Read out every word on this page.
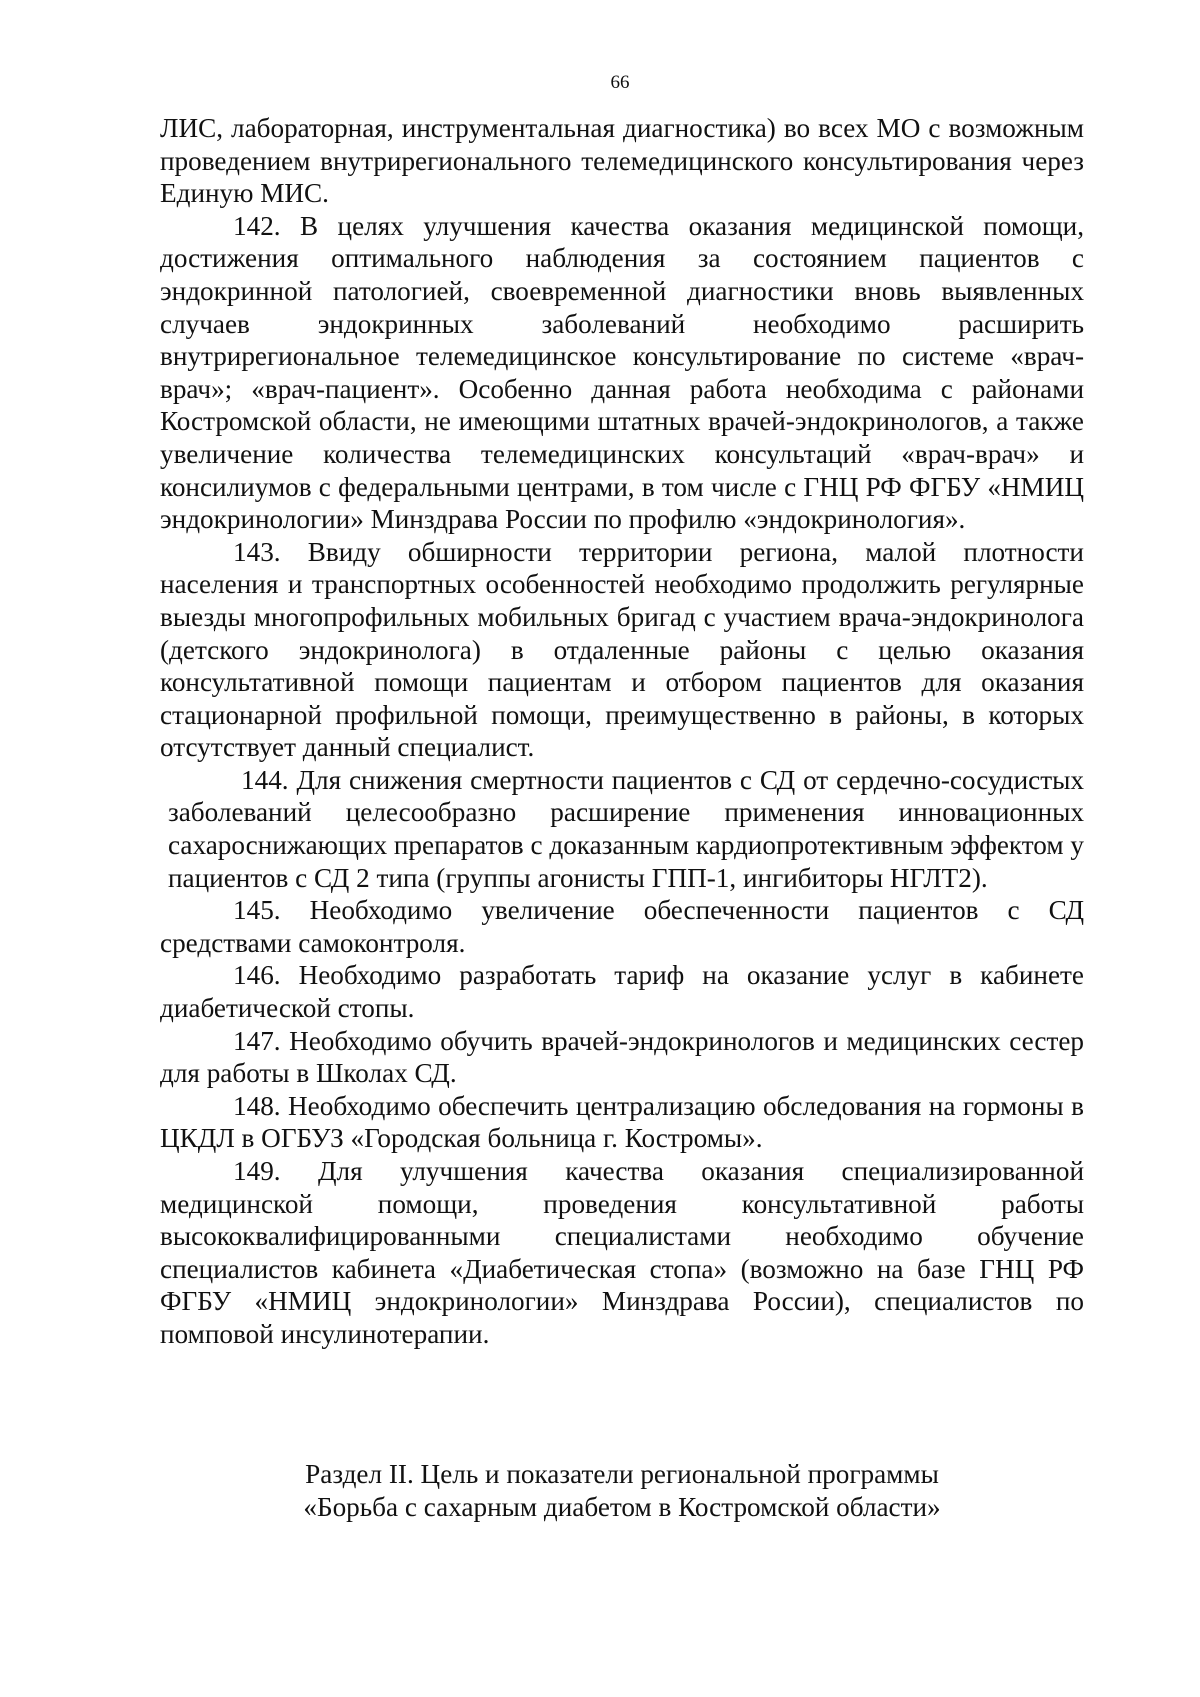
66

ЛИС, лабораторная, инструментальная диагностика) во всех МО с возможным проведением внутрирегионального телемедицинского консультирования через Единую МИС.

142. В целях улучшения качества оказания медицинской помощи, достижения оптимального наблюдения за состоянием пациентов с эндокринной патологией, своевременной диагностики вновь выявленных случаев эндокринных заболеваний необходимо расширить внутрирегиональное телемедицинское консультирование по системе «врач-врач»; «врач-пациент». Особенно данная работа необходима с районами Костромской области, не имеющими штатных врачей-эндокринологов, а также увеличение количества телемедицинских консультаций «врач-врач» и консилиумов с федеральными центрами, в том числе с ГНЦ РФ ФГБУ «НМИЦ эндокринологии» Минздрава России по профилю «эндокринология».

143. Ввиду обширности территории региона, малой плотности населения и транспортных особенностей необходимо продолжить регулярные выезды многопрофильных мобильных бригад с участием врача-эндокринолога (детского эндокринолога) в отдаленные районы с целью оказания консультативной помощи пациентам и отбором пациентов для оказания стационарной профильной помощи, преимущественно в районы, в которых отсутствует данный специалист.

144. Для снижения смертности пациентов с СД от сердечно-сосудистых заболеваний целесообразно расширение применения инновационных сахароснижающих препаратов с доказанным кардиопротективным эффектом у пациентов с СД 2 типа (группы агонисты ГПП-1, ингибиторы НГЛТ2).

145. Необходимо увеличение обеспеченности пациентов с СД средствами самоконтроля.

146. Необходимо разработать тариф на оказание услуг в кабинете диабетической стопы.

147. Необходимо обучить врачей-эндокринологов и медицинских сестер для работы в Школах СД.

148. Необходимо обеспечить централизацию обследования на гормоны в ЦКДЛ в ОГБУЗ «Городская больница г. Костромы».

149. Для улучшения качества оказания специализированной медицинской помощи, проведения консультативной работы высококвалифицированными специалистами необходимо обучение специалистов кабинета «Диабетическая стопа» (возможно на базе ГНЦ РФ ФГБУ «НМИЦ эндокринологии» Минздрава России), специалистов по помповой инсулинотерапии.

Раздел II. Цель и показатели региональной программы
«Борьба с сахарным диабетом в Костромской области»
